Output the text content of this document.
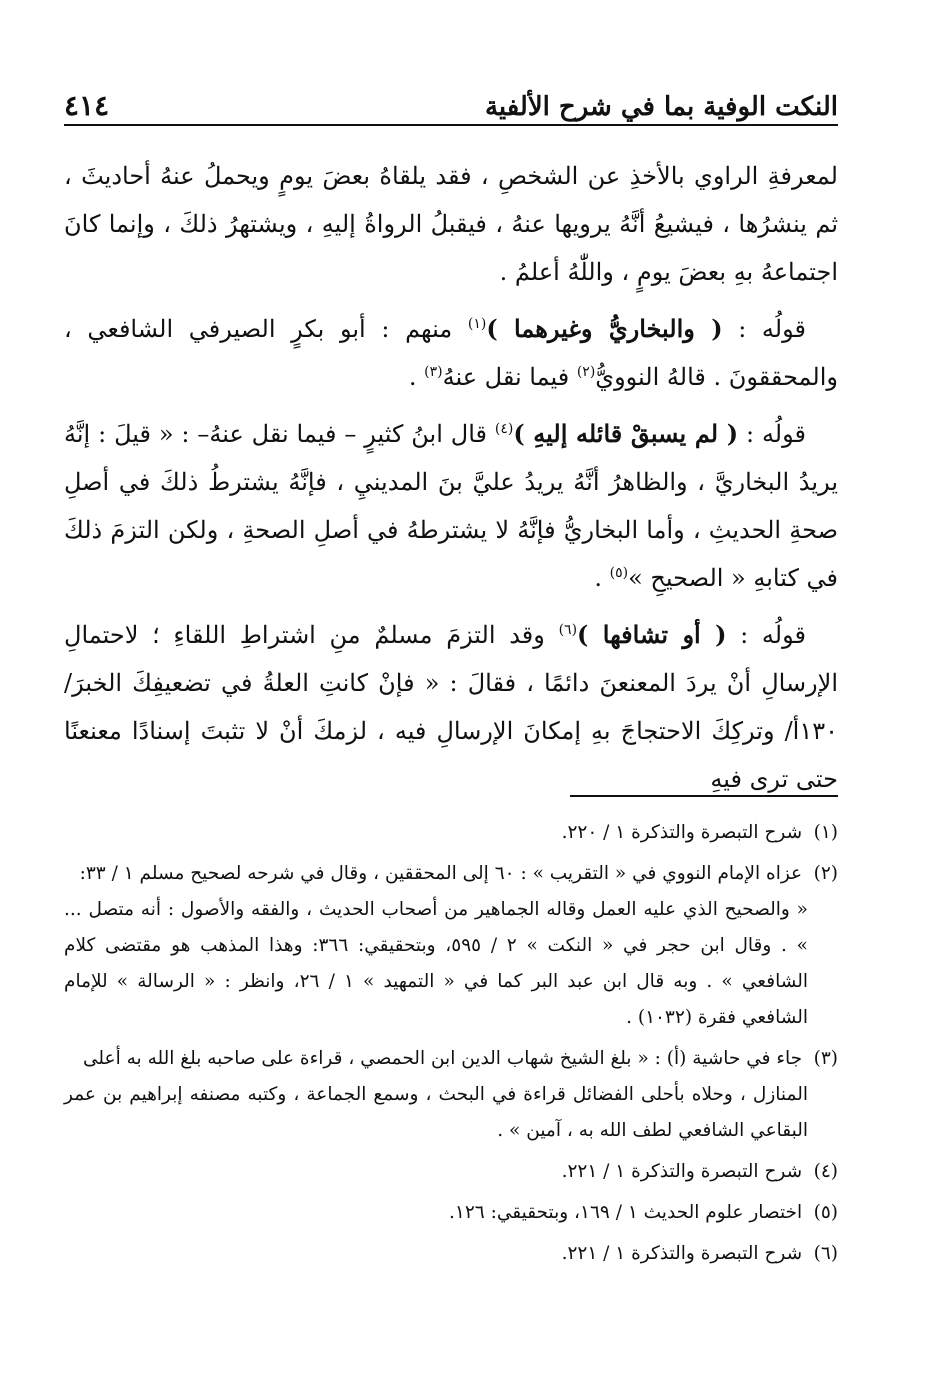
النكت الوفية بما في شرح الألفية
٤١٤

لمعرفةِ الراوي بالأخذِ عن الشخصِ ، فقد يلقاهُ بعضَ يومٍ ويحملُ عنهُ أحاديثَ ، ثم ينشرُها ، فيشيعُ أنَّهُ يرويها عنهُ ، فيقبلُ الرواةُ إليهِ ، ويشتهرُ ذلكَ ، وإنما كانَ اجتماعهُ بهِ بعضَ يومٍ ، واللّٰهُ أعلمُ .

قولُه : ( والبخاريُّ وغيرهما )$^{(١)}$ منهم : أبو بكرٍ الصيرفي الشافعي ، والمحققونَ . قالهُ النوويُّ$^{(٢)}$ فيما نقل عنهُ$^{(٣)}$ .

قولُه : ( لم يسبقْ قائله إليهِ )$^{(٤)}$ قال ابنُ كثيرٍ – فيما نقل عنهُ– : « قيلَ : إنَّهُ يريدُ البخاريَّ ، والظاهرُ أنَّهُ يريدُ عليَّ بنَ المدينيِ ، فإنَّهُ يشترطُ ذلكَ في أصلِ صحةِ الحديثِ ، وأما البخاريُّ فإنَّهُ لا يشترطهُ في أصلِ الصحةِ ، ولكن التزمَ ذلكَ في كتابهِ « الصحيحِ »$^{(٥)}$ .

قولُه : ( أو تشافها )$^{(٦)}$ وقد التزمَ مسلمٌ منِ اشتراطِ اللقاءِ ؛ لاحتمالِ الإرسالِ أنْ يردَ المعنعنَ دائمًا ، فقالَ : « فإنْ كانتِ العلةُ في تضعيفِكَ الخبرَ/١٣٠أ/ وتركِكَ الاحتجاجَ بهِ إمكانَ الإرسالِ فيه ، لزمكَ أنْ لا تثبتَ إسنادًا معنعنًا حتى ترى فيهِ

(١) شرح التبصرة والتذكرة ١ / ٢٢٠.
(٢) عزاه الإمام النووي في « التقريب » : ٦٠ إلى المحققين ، وقال في شرحه لصحيح مسلم ١ / ٣٣:
« والصحيح الذي عليه العمل وقاله الجماهير من أصحاب الحديث ، والفقه والأصول : أنه متصل ... » . وقال ابن حجر في « النكت » ٢ / ٥٩٥، وبتحقيقي: ٣٦٦: وهذا المذهب هو مقتضى كلام الشافعي » . وبه قال ابن عبد البر كما في « التمهيد » ١ / ٢٦، وانظر : « الرسالة » للإمام الشافعي فقرة (١٠٣٢) .
(٣) جاء في حاشية (أ) : « بلغ الشيخ شهاب الدين ابن الحمصي ، قراءة على صاحبه بلغ الله به أعلى
المنازل ، وحلاه بأحلى الفضائل قراءة في البحث ، وسمع الجماعة ، وكتبه مصنفه إبراهيم بن عمر البقاعي الشافعي لطف الله به ، آمين » .
(٤) شرح التبصرة والتذكرة ١ / ٢٢١.
(٥) اختصار علوم الحديث ١ / ١٦٩، وبتحقيقي: ١٢٦.
(٦) شرح التبصرة والتذكرة ١ / ٢٢١.
